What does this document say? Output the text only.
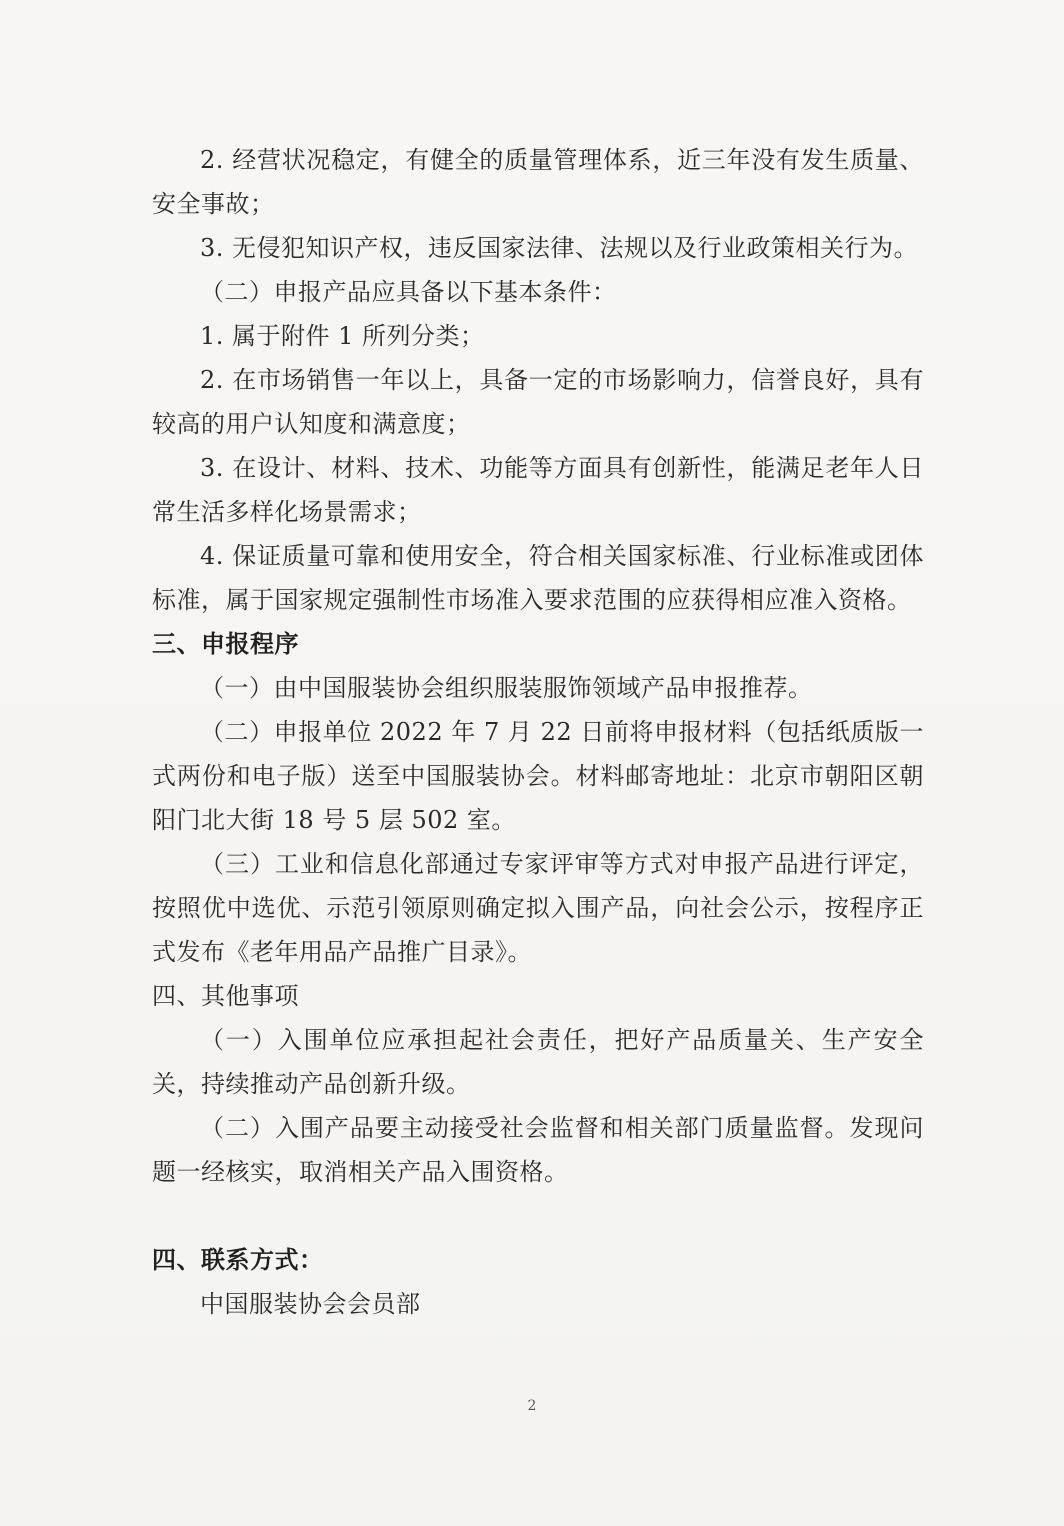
2. 经营状况稳定，有健全的质量管理体系，近三年没有发生质量、安全事故；

3. 无侵犯知识产权，违反国家法律、法规以及行业政策相关行为。

（二）申报产品应具备以下基本条件：

1. 属于附件 1 所列分类；

2. 在市场销售一年以上，具备一定的市场影响力，信誉良好，具有较高的用户认知度和满意度；

3. 在设计、材料、技术、功能等方面具有创新性，能满足老年人日常生活多样化场景需求；

4. 保证质量可靠和使用安全，符合相关国家标准、行业标准或团体标准，属于国家规定强制性市场准入要求范围的应获得相应准入资格。

三、申报程序

（一）由中国服装协会组织服装服饰领域产品申报推荐。

（二）申报单位 2022 年 7 月 22 日前将申报材料（包括纸质版一式两份和电子版）送至中国服装协会。材料邮寄地址：北京市朝阳区朝阳门北大街 18 号 5 层 502 室。

（三）工业和信息化部通过专家评审等方式对申报产品进行评定，按照优中选优、示范引领原则确定拟入围产品，向社会公示，按程序正式发布《老年用品产品推广目录》。

四、其他事项

（一）入围单位应承担起社会责任，把好产品质量关、生产安全关，持续推动产品创新升级。

（二）入围产品要主动接受社会监督和相关部门质量监督。发现问题一经核实，取消相关产品入围资格。

四、联系方式：

中国服装协会会员部

2
